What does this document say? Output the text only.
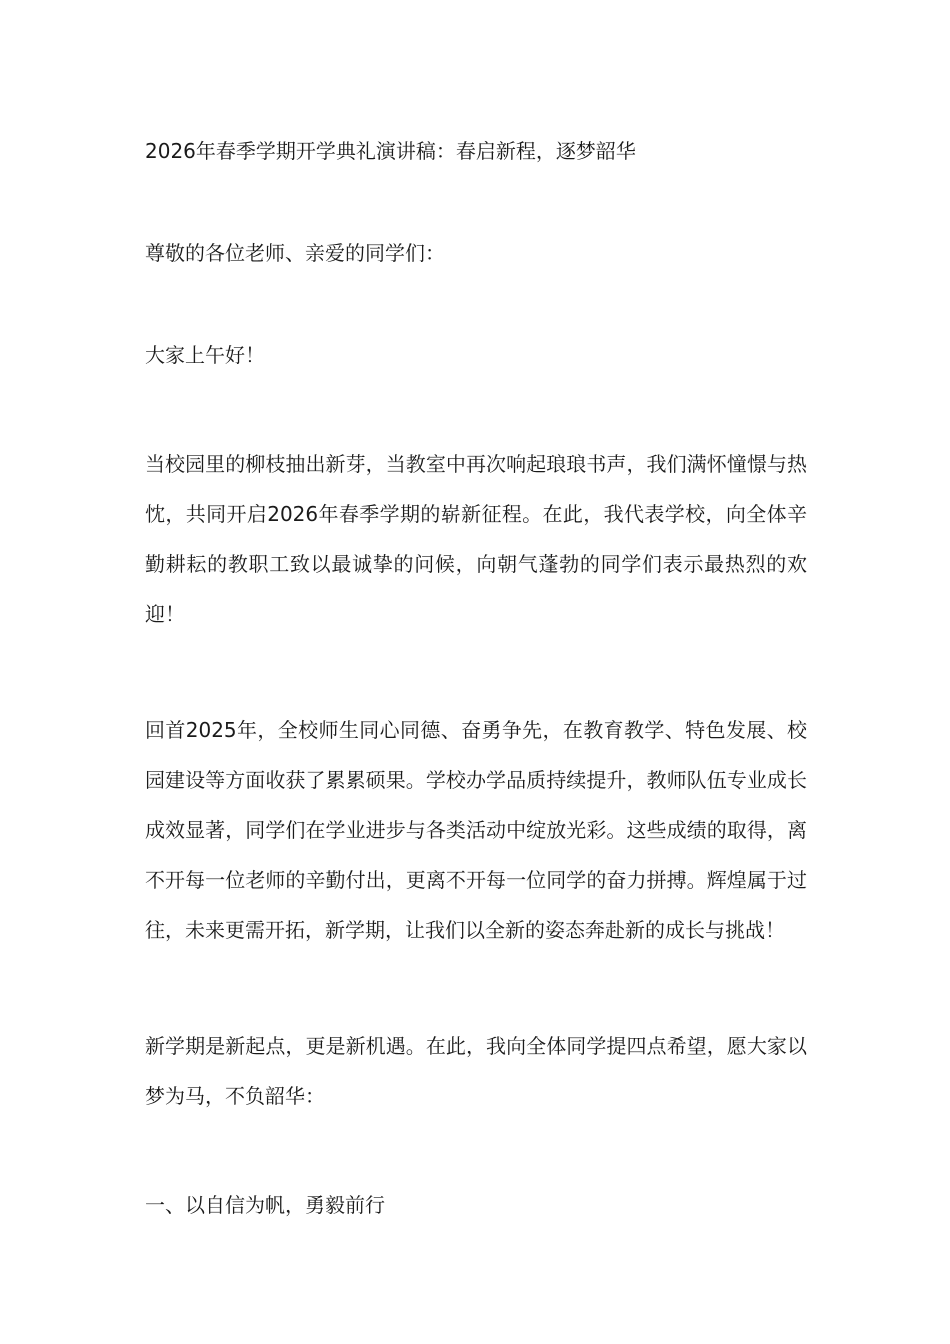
2026年春季学期开学典礼演讲稿：春启新程，逐梦韶华

尊敬的各位老师、亲爱的同学们：

大家上午好！

当校园里的柳枝抽出新芽，当教室中再次响起琅琅书声，我们满怀憧憬与热忱，共同开启2026年春季学期的崭新征程。在此，我代表学校，向全体辛勤耕耘的教职工致以最诚挚的问候，向朝气蓬勃的同学们表示最热烈的欢迎！

回首2025年，全校师生同心同德、奋勇争先，在教育教学、特色发展、校园建设等方面收获了累累硕果。学校办学品质持续提升，教师队伍专业成长成效显著，同学们在学业进步与各类活动中绽放光彩。这些成绩的取得，离不开每一位老师的辛勤付出，更离不开每一位同学的奋力拼搏。辉煌属于过往，未来更需开拓，新学期，让我们以全新的姿态奔赴新的成长与挑战！

新学期是新起点，更是新机遇。在此，我向全体同学提四点希望，愿大家以梦为马，不负韶华：

一、以自信为帆，勇毅前行
